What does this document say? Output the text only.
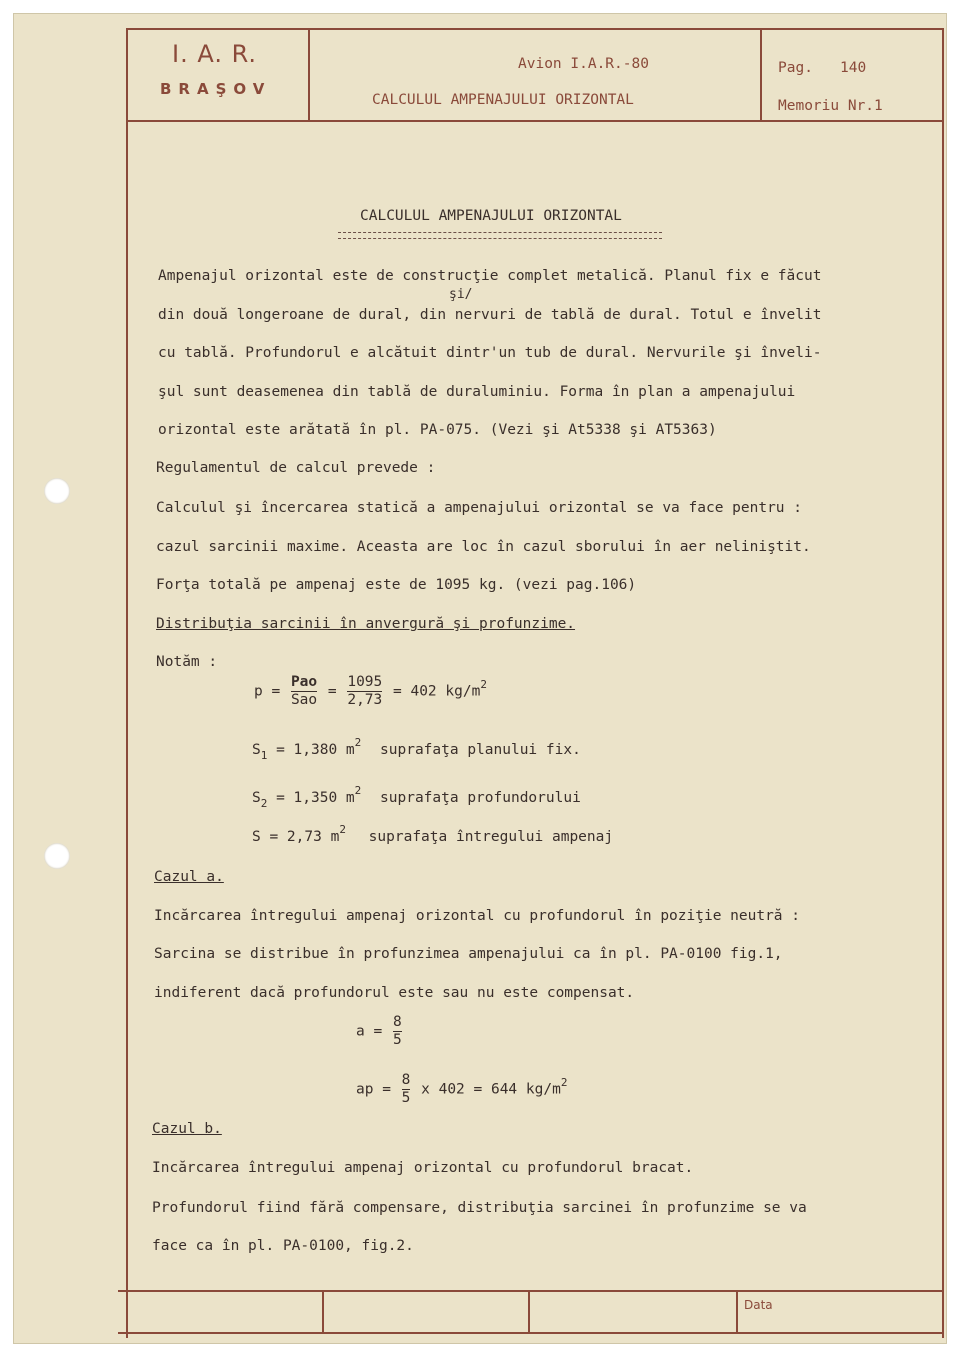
I. A. R.
BRAŞOV
Avion I.A.R.-80
CALCULUL AMPENAJULUI ORIZONTAL
Pag. 140
Memoriu Nr.1
CALCULUL AMPENAJULUI ORIZONTAL
Ampenajul orizontal este de construcţie complet metalică. Planul fix e făcut
şi/
din două longeroane de dural, din nervuri de tablă de dural. Totul e învelit
cu tablă. Profundorul e alcătuit dintr'un tub de dural. Nervurile şi înveli-
şul sunt deasemenea din tablă de duraluminiu. Forma în plan a ampenajului
orizontal este arătată în pl. PA-075. (Vezi şi At5338 şi AT5363)
Regulamentul de calcul prevede :
Calculul şi încercarea statică a ampenajului orizontal se va face pentru :
cazul sarcinii maxime. Aceasta are loc în cazul sborului în aer neliniştit.
Forţa totală pe ampenaj este de 1095 kg. (vezi pag.106)
Distribuţia sarcinii în anvergură şi profunzime.
Notăm :
$p = \frac{\text{Pao}}{\text{Sao}} = \frac{1095}{2,73} = 402$ $kg/m^2$
$S_1 = 1,380$ $m^2$ suprafaţa planului fix.
$S_2 = 1,350$ $m^2$ suprafaţa profundorului
S = 2,73 $m^2$ suprafaţa întregului ampenaj
Cazul a.
Incărcarea întregului ampenaj orizontal cu profundorul în poziţie neutră :
Sarcina se distribue în profunzimea ampenajului ca în pl. PA-0100 fig.1,
indiferent dacă profundorul este sau nu este compensat.
$a = \frac{8}{5}$
ap = $\frac{8}{5}$ x 402 = 644 $kg/m^2$
Cazul b.
Incărcarea întregului ampenaj orizontal cu profundorul bracat.
Profundorul fiind fără compensare, distribuţia sarcinei în profunzime se va
face ca în pl. PA-0100, fig.2.
Data
